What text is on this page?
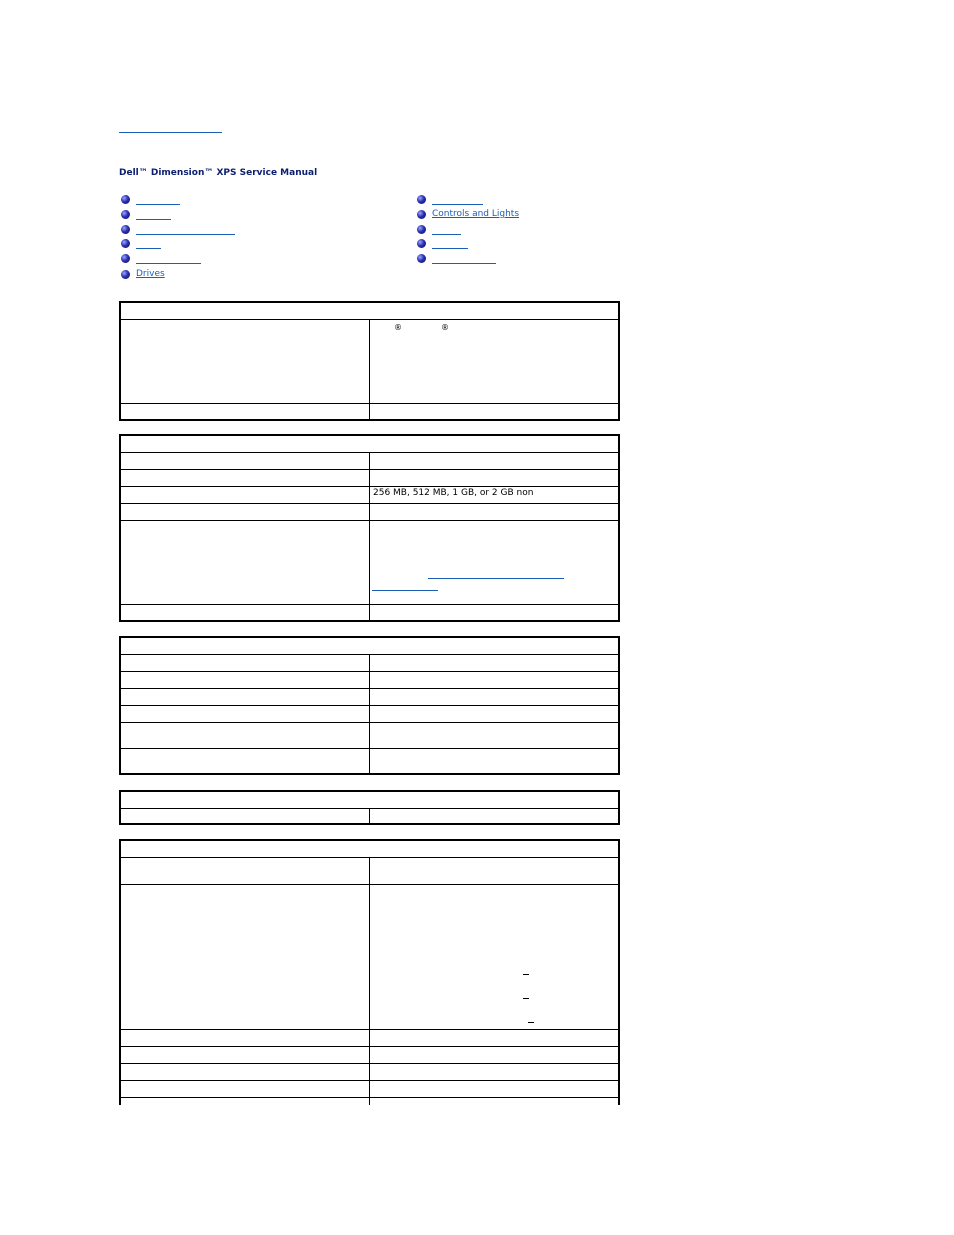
Dell™ Dimension™ XPS Service Manual
Drives
Controls and Lights

	® ®

	256 MB, 512 MB, 1 GB, or 2 GB non
